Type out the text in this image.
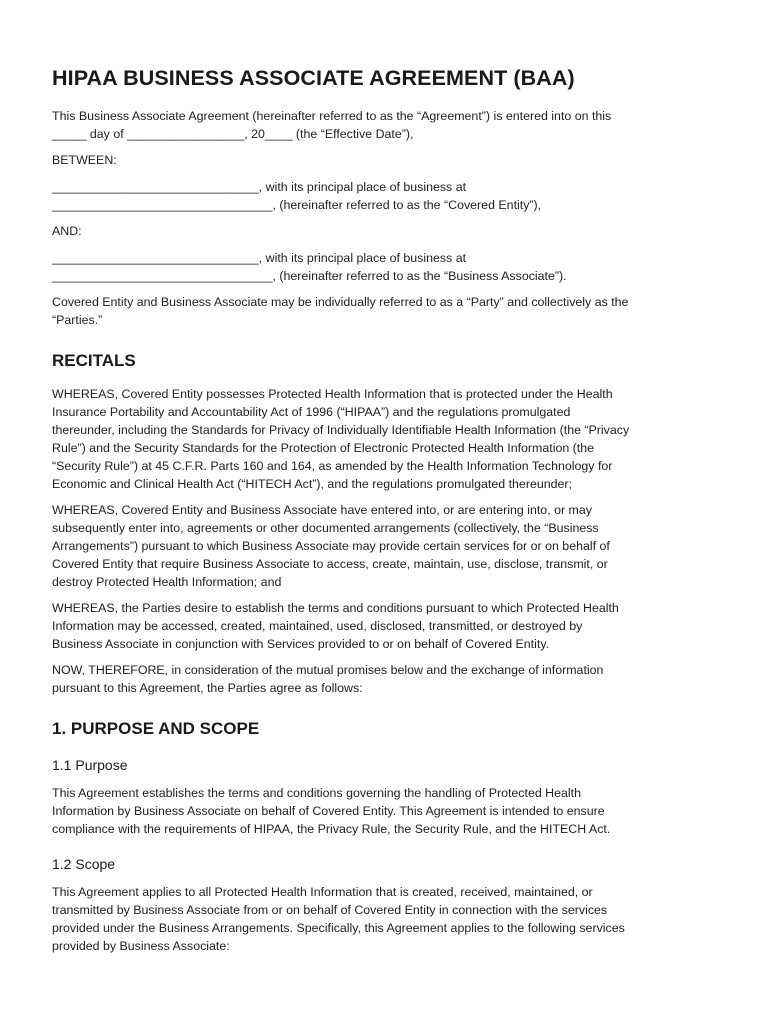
HIPAA BUSINESS ASSOCIATE AGREEMENT (BAA)

This Business Associate Agreement (hereinafter referred to as the “Agreement”) is entered into on this
_____ day of _________________, 20____ (the “Effective Date”),

BETWEEN:

______________________________, with its principal place of business at
________________________________, (hereinafter referred to as the “Covered Entity”),

AND:

______________________________, with its principal place of business at
________________________________, (hereinafter referred to as the “Business Associate”).

Covered Entity and Business Associate may be individually referred to as a “Party” and collectively as the
“Parties.”

RECITALS

WHEREAS, Covered Entity possesses Protected Health Information that is protected under the Health
Insurance Portability and Accountability Act of 1996 (“HIPAA”) and the regulations promulgated
thereunder, including the Standards for Privacy of Individually Identifiable Health Information (the “Privacy
Rule”) and the Security Standards for the Protection of Electronic Protected Health Information (the
“Security Rule”) at 45 C.F.R. Parts 160 and 164, as amended by the Health Information Technology for
Economic and Clinical Health Act (“HITECH Act”), and the regulations promulgated thereunder;

WHEREAS, Covered Entity and Business Associate have entered into, or are entering into, or may
subsequently enter into, agreements or other documented arrangements (collectively, the “Business
Arrangements”) pursuant to which Business Associate may provide certain services for or on behalf of
Covered Entity that require Business Associate to access, create, maintain, use, disclose, transmit, or
destroy Protected Health Information; and

WHEREAS, the Parties desire to establish the terms and conditions pursuant to which Protected Health
Information may be accessed, created, maintained, used, disclosed, transmitted, or destroyed by
Business Associate in conjunction with Services provided to or on behalf of Covered Entity.

NOW, THEREFORE, in consideration of the mutual promises below and the exchange of information
pursuant to this Agreement, the Parties agree as follows:

1. PURPOSE AND SCOPE
1.1 Purpose

This Agreement establishes the terms and conditions governing the handling of Protected Health
Information by Business Associate on behalf of Covered Entity. This Agreement is intended to ensure
compliance with the requirements of HIPAA, the Privacy Rule, the Security Rule, and the HITECH Act.

1.2 Scope

This Agreement applies to all Protected Health Information that is created, received, maintained, or
transmitted by Business Associate from or on behalf of Covered Entity in connection with the services
provided under the Business Arrangements. Specifically, this Agreement applies to the following services
provided by Business Associate:
